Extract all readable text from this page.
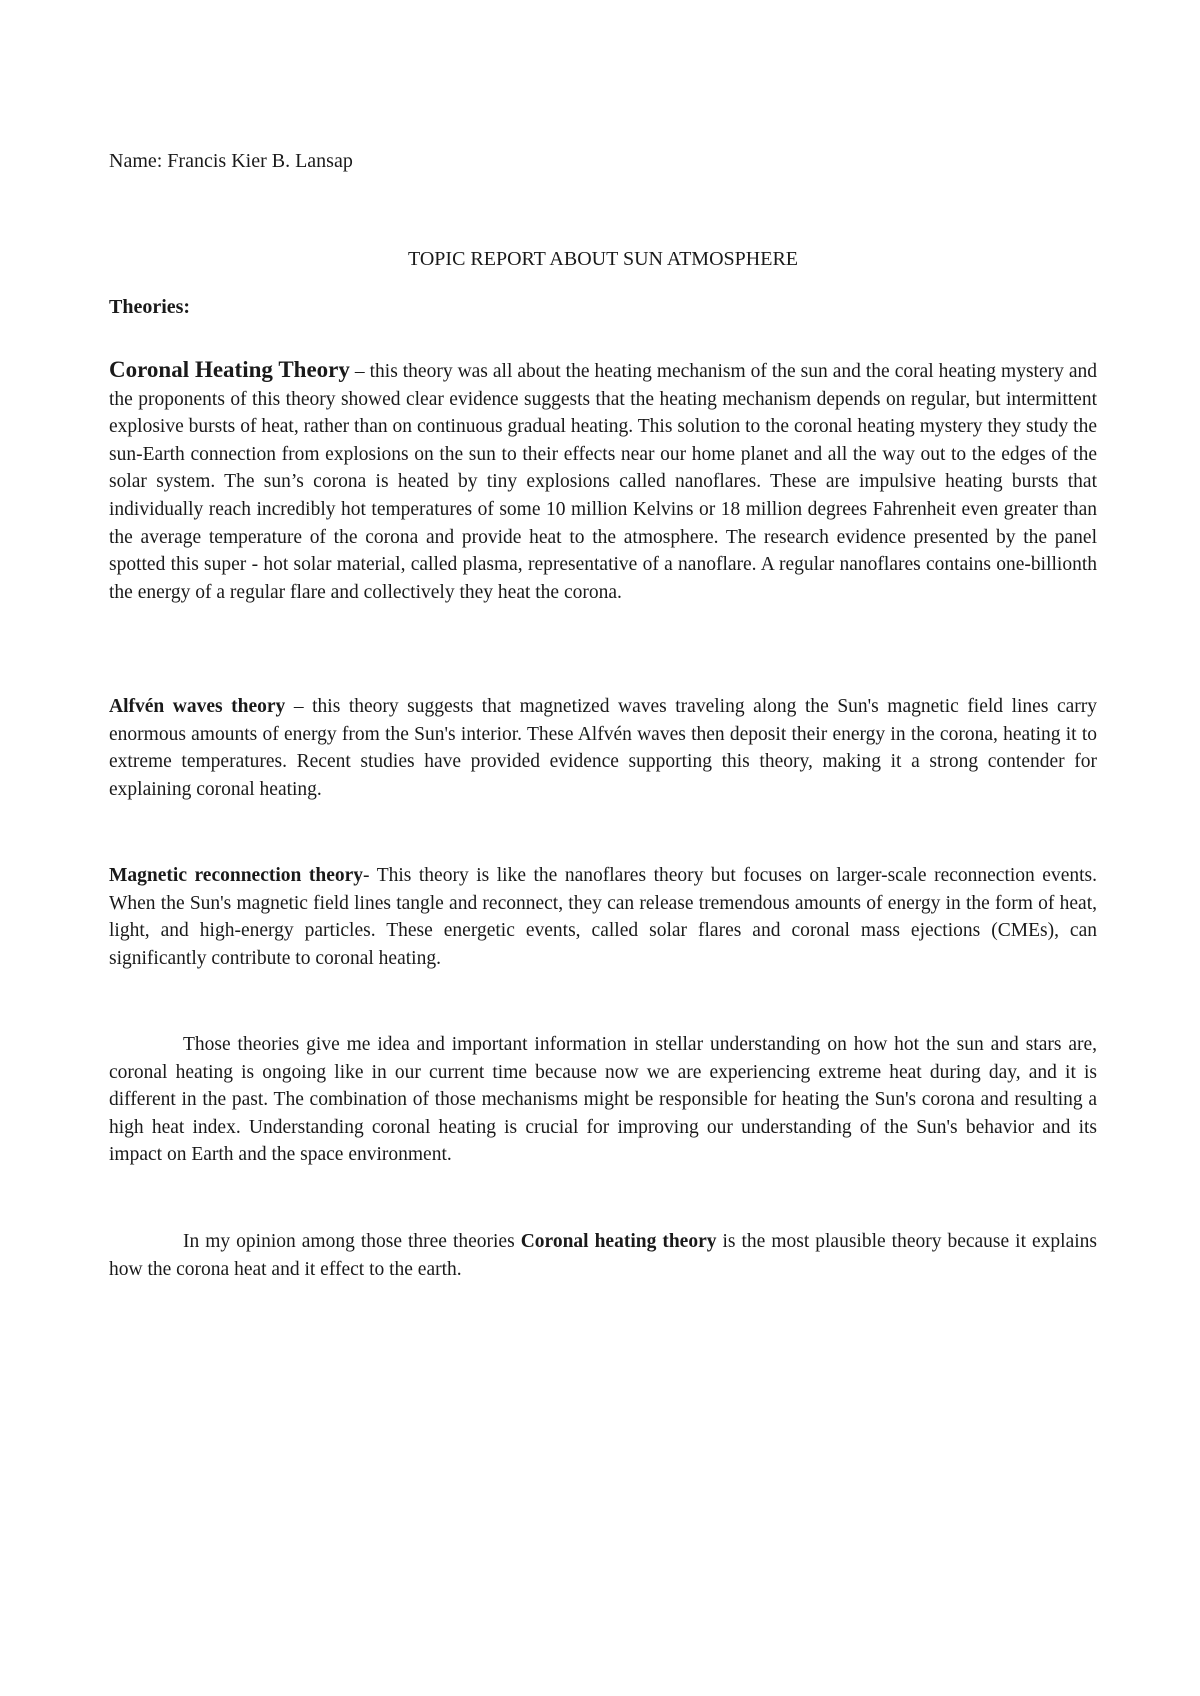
Name: Francis Kier B. Lansap
TOPIC REPORT ABOUT SUN ATMOSPHERE
Theories:

Coronal Heating Theory – this theory was all about the heating mechanism of the sun and the coral heating mystery and the proponents of this theory showed clear evidence suggests that the heating mechanism depends on regular, but intermittent explosive bursts of heat, rather than on continuous gradual heating. This solution to the coronal heating mystery they study the sun-Earth connection from explosions on the sun to their effects near our home planet and all the way out to the edges of the solar system. The sun’s corona is heated by tiny explosions called nanoflares. These are impulsive heating bursts that individually reach incredibly hot temperatures of some 10 million Kelvins or 18 million degrees Fahrenheit even greater than the average temperature of the corona and provide heat to the atmosphere. The research evidence presented by the panel spotted this super - hot solar material, called plasma, representative of a nanoflare. A regular nanoflares contains one-billionth the energy of a regular flare and collectively they heat the corona.

Alfvén waves theory – this theory suggests that magnetized waves traveling along the Sun's magnetic field lines carry enormous amounts of energy from the Sun's interior. These Alfvén waves then deposit their energy in the corona, heating it to extreme temperatures. Recent studies have provided evidence supporting this theory, making it a strong contender for explaining coronal heating.

Magnetic reconnection theory- This theory is like the nanoflares theory but focuses on larger-scale reconnection events. When the Sun's magnetic field lines tangle and reconnect, they can release tremendous amounts of energy in the form of heat, light, and high-energy particles. These energetic events, called solar flares and coronal mass ejections (CMEs), can significantly contribute to coronal heating.

Those theories give me idea and important information in stellar understanding on how hot the sun and stars are, coronal heating is ongoing like in our current time because now we are experiencing extreme heat during day, and it is different in the past. The combination of those mechanisms might be responsible for heating the Sun's corona and resulting a high heat index. Understanding coronal heating is crucial for improving our understanding of the Sun's behavior and its impact on Earth and the space environment.

In my opinion among those three theories Coronal heating theory is the most plausible theory because it explains how the corona heat and it effect to the earth.
